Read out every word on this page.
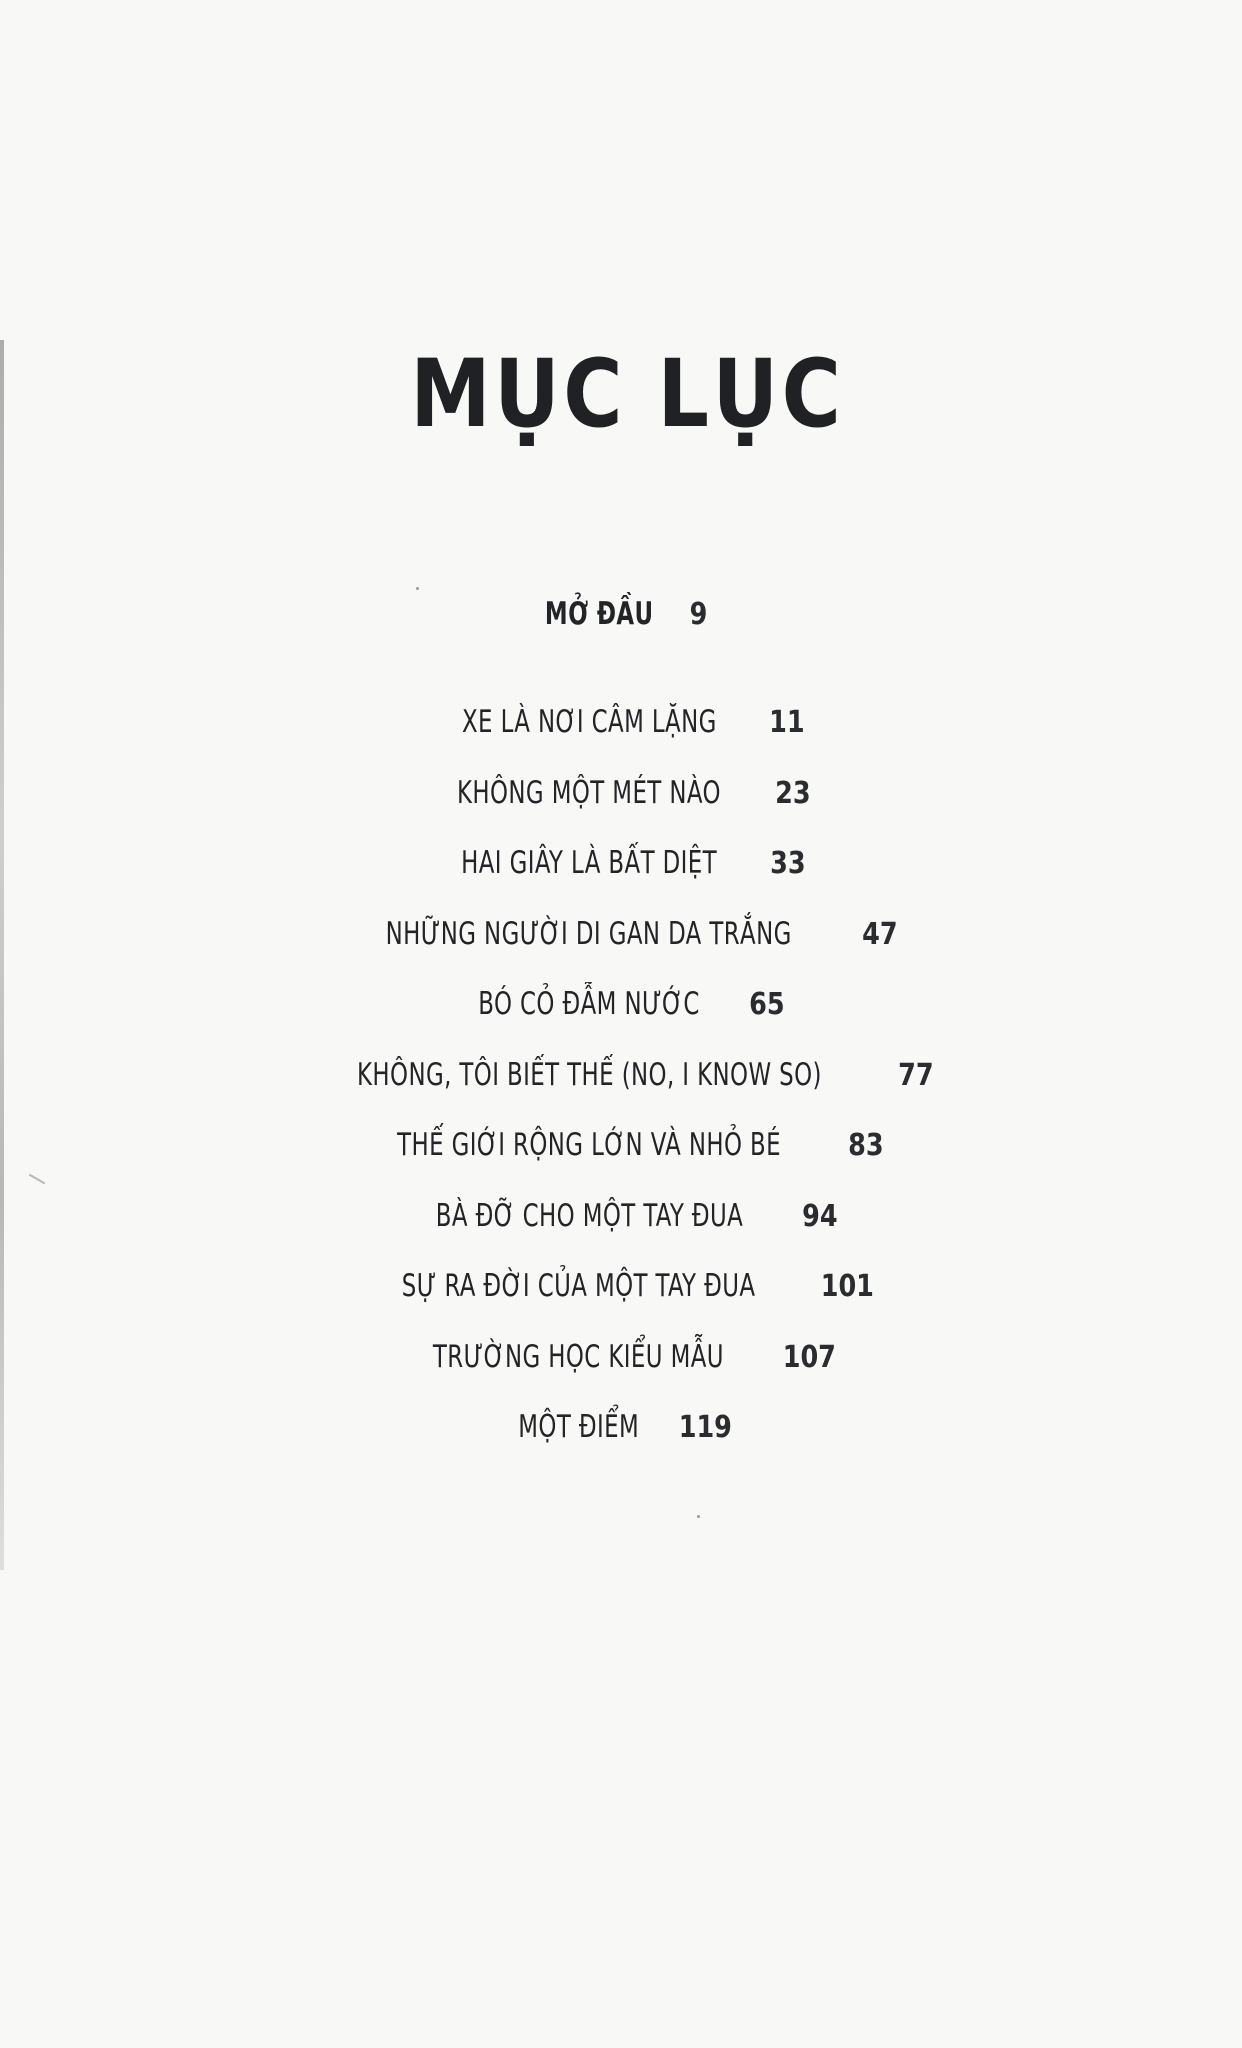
MỤC LỤC
MỞ ĐẦU 9
XE LÀ NƠI CÂM LẶNG 11
KHÔNG MỘT MÉT NÀO 23
HAI GIÂY LÀ BẤT DIỆT 33
NHỮNG NGƯỜI DI GAN DA TRẮNG 47
BÓ CỎ ĐẪM NƯỚC 65
KHÔNG, TÔI BIẾT THẾ (NO, I KNOW SO)	77
THẾ GIỚI RỘNG LỚN VÀ NHỎ BÉ 83
BÀ ĐỠ CHO MỘT TAY ĐUA 94
SỰ RA ĐỜI CỦA MỘT TAY ĐUA 101
TRƯỜNG HỌC KIỂU MẪU 107
MỘT ĐIỂM 119
